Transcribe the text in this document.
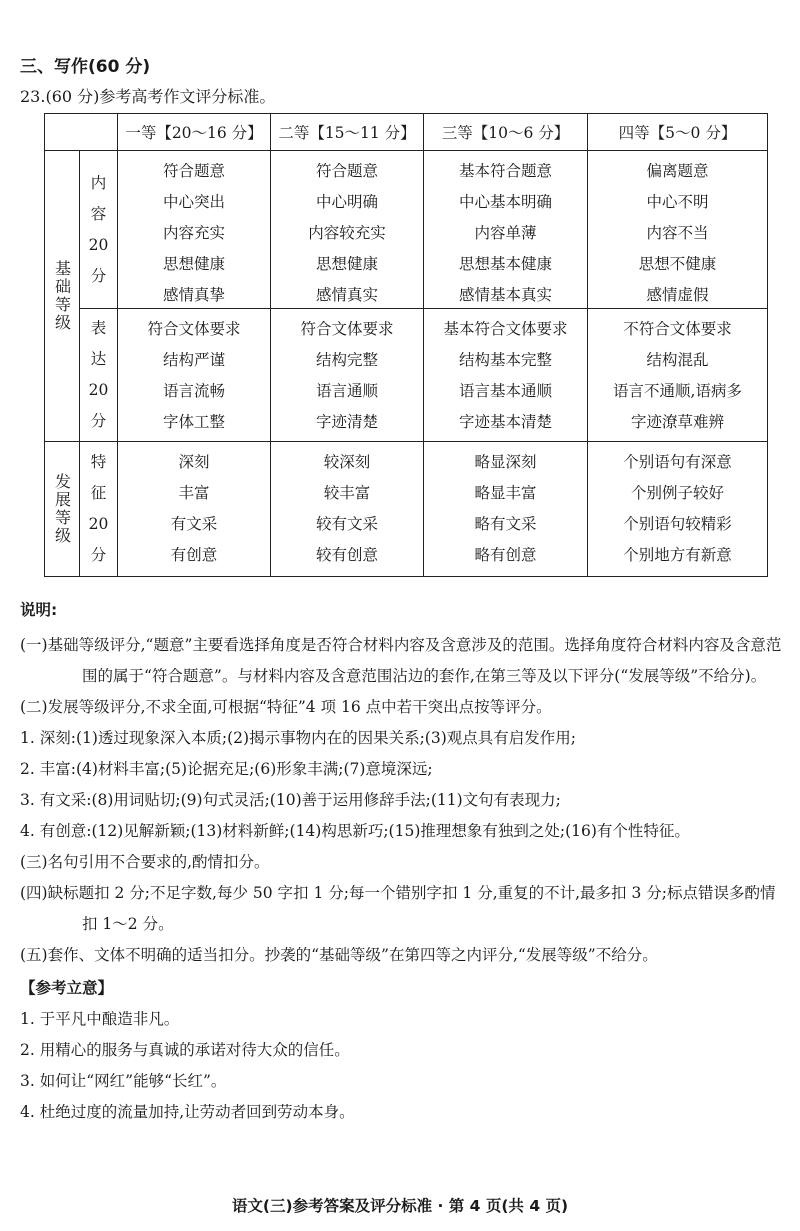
三、写作(60 分)
23.(60 分)参考高考作文评分标准。
		一等【20～16 分】	二等【15～11 分】	三等【10～6 分】	四等【5～0 分】

基础等级	内
容
20
分	符合题意
中心突出
内容充实
思想健康
感情真挚	符合题意
中心明确
内容较充实
思想健康
感情真实	基本符合题意
中心基本明确
内容单薄
思想基本健康
感情基本真实	偏离题意
中心不明
内容不当
思想不健康
感情虚假

	表
达
20
分	符合文体要求
结构严谨
语言流畅
字体工整	符合文体要求
结构完整
语言通顺
字迹清楚	基本符合文体要求
结构基本完整
语言基本通顺
字迹基本清楚	不符合文体要求
结构混乱
语言不通顺,语病多
字迹潦草难辨

发展等级	特
征
20
分	深刻
丰富
有文采
有创意	较深刻
较丰富
较有文采
较有创意	略显深刻
略显丰富
略有文采
略有创意	个别语句有深意
个别例子较好
个别语句较精彩
个别地方有新意
说明:
(一)基础等级评分,“题意”主要看选择角度是否符合材料内容及含意涉及的范围。选择角度符合材料内容及含意范围的属于“符合题意”。与材料内容及含意范围沾边的套作,在第三等及以下评分(“发展等级”不给分)。
(二)发展等级评分,不求全面,可根据“特征”4 项 16 点中若干突出点按等评分。
1. 深刻:(1)透过现象深入本质;(2)揭示事物内在的因果关系;(3)观点具有启发作用;
2. 丰富:(4)材料丰富;(5)论据充足;(6)形象丰满;(7)意境深远;
3. 有文采:(8)用词贴切;(9)句式灵活;(10)善于运用修辞手法;(11)文句有表现力;
4. 有创意:(12)见解新颖;(13)材料新鲜;(14)构思新巧;(15)推理想象有独到之处;(16)有个性特征。
(三)名句引用不合要求的,酌情扣分。
(四)缺标题扣 2 分;不足字数,每少 50 字扣 1 分;每一个错别字扣 1 分,重复的不计,最多扣 3 分;标点错误多酌情扣 1～2 分。
(五)套作、文体不明确的适当扣分。抄袭的“基础等级”在第四等之内评分,“发展等级”不给分。
【参考立意】
1. 于平凡中酿造非凡。
2. 用精心的服务与真诚的承诺对待大众的信任。
3. 如何让“网红”能够“长红”。
4. 杜绝过度的流量加持,让劳动者回到劳动本身。
语文(三)参考答案及评分标准 · 第 4 页(共 4 页)
